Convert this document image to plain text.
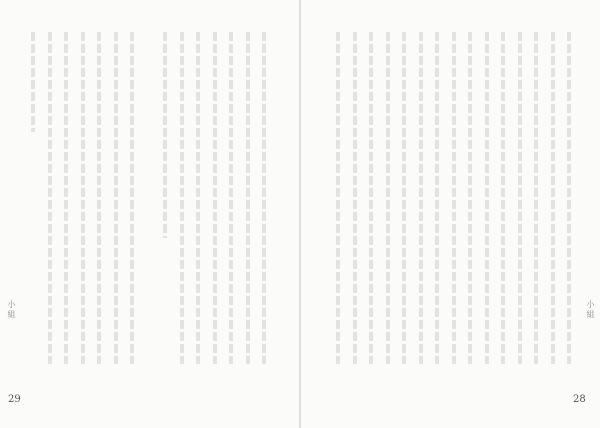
小組
29
小組
28
